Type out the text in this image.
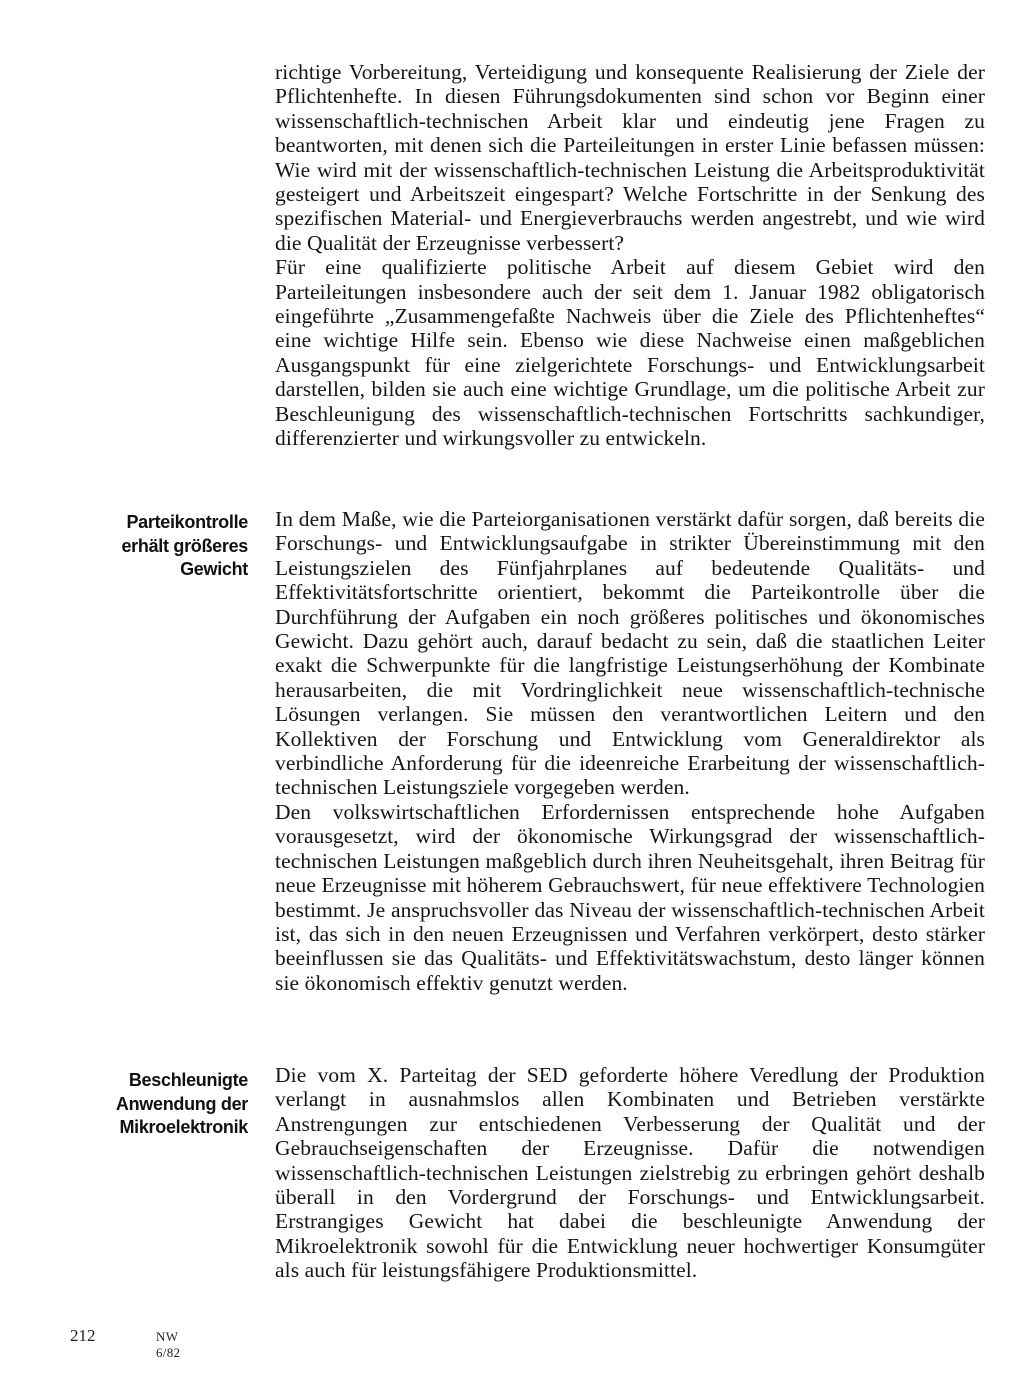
richtige Vorbereitung, Verteidigung und konsequente Realisierung der Ziele der Pflichtenhefte. In diesen Führungsdokumenten sind schon vor Beginn einer wissenschaftlich-technischen Arbeit klar und eindeutig jene Fragen zu beantworten, mit denen sich die Parteileitungen in erster Linie befassen müssen: Wie wird mit der wissenschaftlich-technischen Leistung die Arbeitsproduktivität gesteigert und Arbeitszeit eingespart? Welche Fortschritte in der Senkung des spezifischen Material- und Energieverbrauchs werden angestrebt, und wie wird die Qualität der Erzeugnisse verbessert?

Für eine qualifizierte politische Arbeit auf diesem Gebiet wird den Parteileitungen insbesondere auch der seit dem 1. Januar 1982 obligatorisch eingeführte „Zusammengefaßte Nachweis über die Ziele des Pflichtenheftes“ eine wichtige Hilfe sein. Ebenso wie diese Nachweise einen maßgeblichen Ausgangspunkt für eine zielgerichtete Forschungs- und Entwicklungsarbeit darstellen, bilden sie auch eine wichtige Grundlage, um die politische Arbeit zur Beschleunigung des wissenschaftlich-technischen Fortschritts sachkundiger, differenzierter und wirkungsvoller zu entwickeln.

Parteikontrolle
erhält größeres
Gewicht

In dem Maße, wie die Parteiorganisationen verstärkt dafür sorgen, daß bereits die Forschungs- und Entwicklungsaufgabe in strikter Übereinstimmung mit den Leistungszielen des Fünfjahrplanes auf bedeutende Qualitäts- und Effektivitätsfortschritte orientiert, bekommt die Parteikontrolle über die Durchführung der Aufgaben ein noch größeres politisches und ökonomisches Gewicht. Dazu gehört auch, darauf bedacht zu sein, daß die staatlichen Leiter exakt die Schwerpunkte für die langfristige Leistungserhöhung der Kombinate herausarbeiten, die mit Vordringlichkeit neue wissenschaftlich-technische Lösungen verlangen. Sie müssen den verantwortlichen Leitern und den Kollektiven der Forschung und Entwicklung vom Generaldirektor als verbindliche Anforderung für die ideenreiche Erarbeitung der wissenschaftlich-technischen Leistungsziele vorgegeben werden.

Den volkswirtschaftlichen Erfordernissen entsprechende hohe Aufgaben vorausgesetzt, wird der ökonomische Wirkungsgrad der wissenschaftlich-technischen Leistungen maßgeblich durch ihren Neuheitsgehalt, ihren Beitrag für neue Erzeugnisse mit höherem Gebrauchswert, für neue effektivere Technologien bestimmt. Je anspruchsvoller das Niveau der wissenschaftlich-technischen Arbeit ist, das sich in den neuen Erzeugnissen und Verfahren verkörpert, desto stärker beeinflussen sie das Qualitäts- und Effektivitätswachstum, desto länger können sie ökonomisch effektiv genutzt werden.

Beschleunigte
Anwendung der
Mikroelektronik

Die vom X. Parteitag der SED geforderte höhere Veredlung der Produktion verlangt in ausnahmslos allen Kombinaten und Betrieben verstärkte Anstrengungen zur entschiedenen Verbesserung der Qualität und der Gebrauchseigenschaften der Erzeugnisse. Dafür die notwendigen wissenschaftlich-technischen Leistungen zielstrebig zu erbringen gehört deshalb überall in den Vordergrund der Forschungs- und Entwicklungsarbeit. Erstrangiges Gewicht hat dabei die beschleunigte Anwendung der Mikroelektronik sowohl für die Entwicklung neuer hochwertiger Konsumgüter als auch für leistungsfähigere Produktionsmittel.

212	NW 6/82
